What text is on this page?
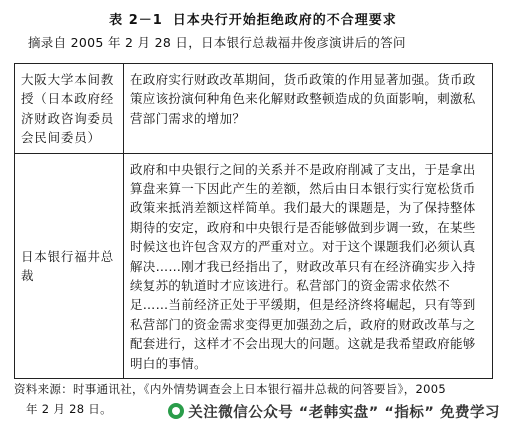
表 2－1 日本央行开始拒绝政府的不合理要求
摘录自 2005 年 2 月 28 日，日本银行总裁福井俊彦演讲后的答问
大阪大学本间教授（日本政府经济财政咨询委员会民间委员）	在政府实行财政改革期间，货币政策的作用显著加强。货币政策应该扮演何种角色来化解财政整顿造成的负面影响，刺激私营部门需求的增加？
日本银行福井总裁	政府和中央银行之间的关系并不是政府削减了支出，于是拿出算盘来算一下因此产生的差额，然后由日本银行实行宽松货币政策来抵消差额这样简单。我们最大的课题是，为了保持整体期待的安定，政府和中央银行是否能够做到步调一致，在某些时候这也许包含双方的严重对立。对于这个课题我们必须认真解决……刚才我已经指出了，财政改革只有在经济确实步入持续复苏的轨道时才应该进行。私营部门的资金需求依然不足……当前经济正处于平缓期，但是经济终将崛起，只有等到私营部门的资金需求变得更加强劲之后，政府的财政改革与之配套进行，这样才不会出现大的问题。这就是我希望政府能够明白的事情。
资料来源：时事通讯社，《内外情势调查会上日本银行福井总裁的问答要旨》，2005
年 2 月 28 日。	关注微信公众号 “老韩实盘” “指标” 免费学习
